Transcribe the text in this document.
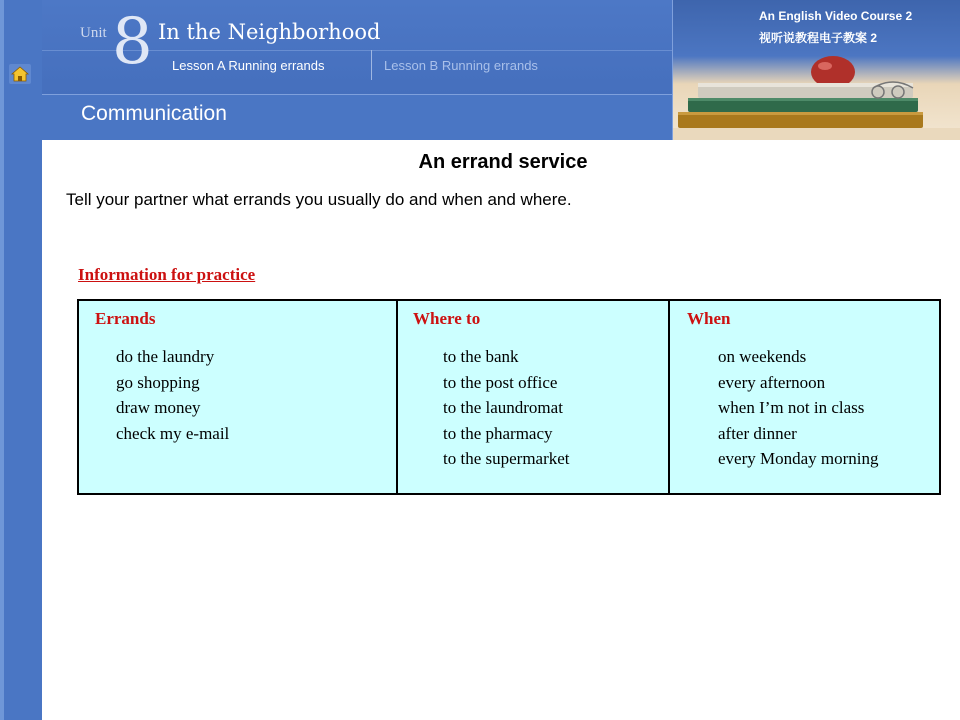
Unit 8 In the Neighborhood
Lesson A Running errands	Lesson B Running errands
Communication
An English Video Course 2
视听说教程电子教案 2
An errand service
Tell your partner what errands you usually do and when and where.
Information for practice
Errands
do the laundry
go shopping
draw money
check my e-mail
Where to
to the bank
to the post office
to the laundromat
to the pharmacy
to the supermarket
When
on weekends
every afternoon
when I’m not in class
after dinner
every Monday morning
